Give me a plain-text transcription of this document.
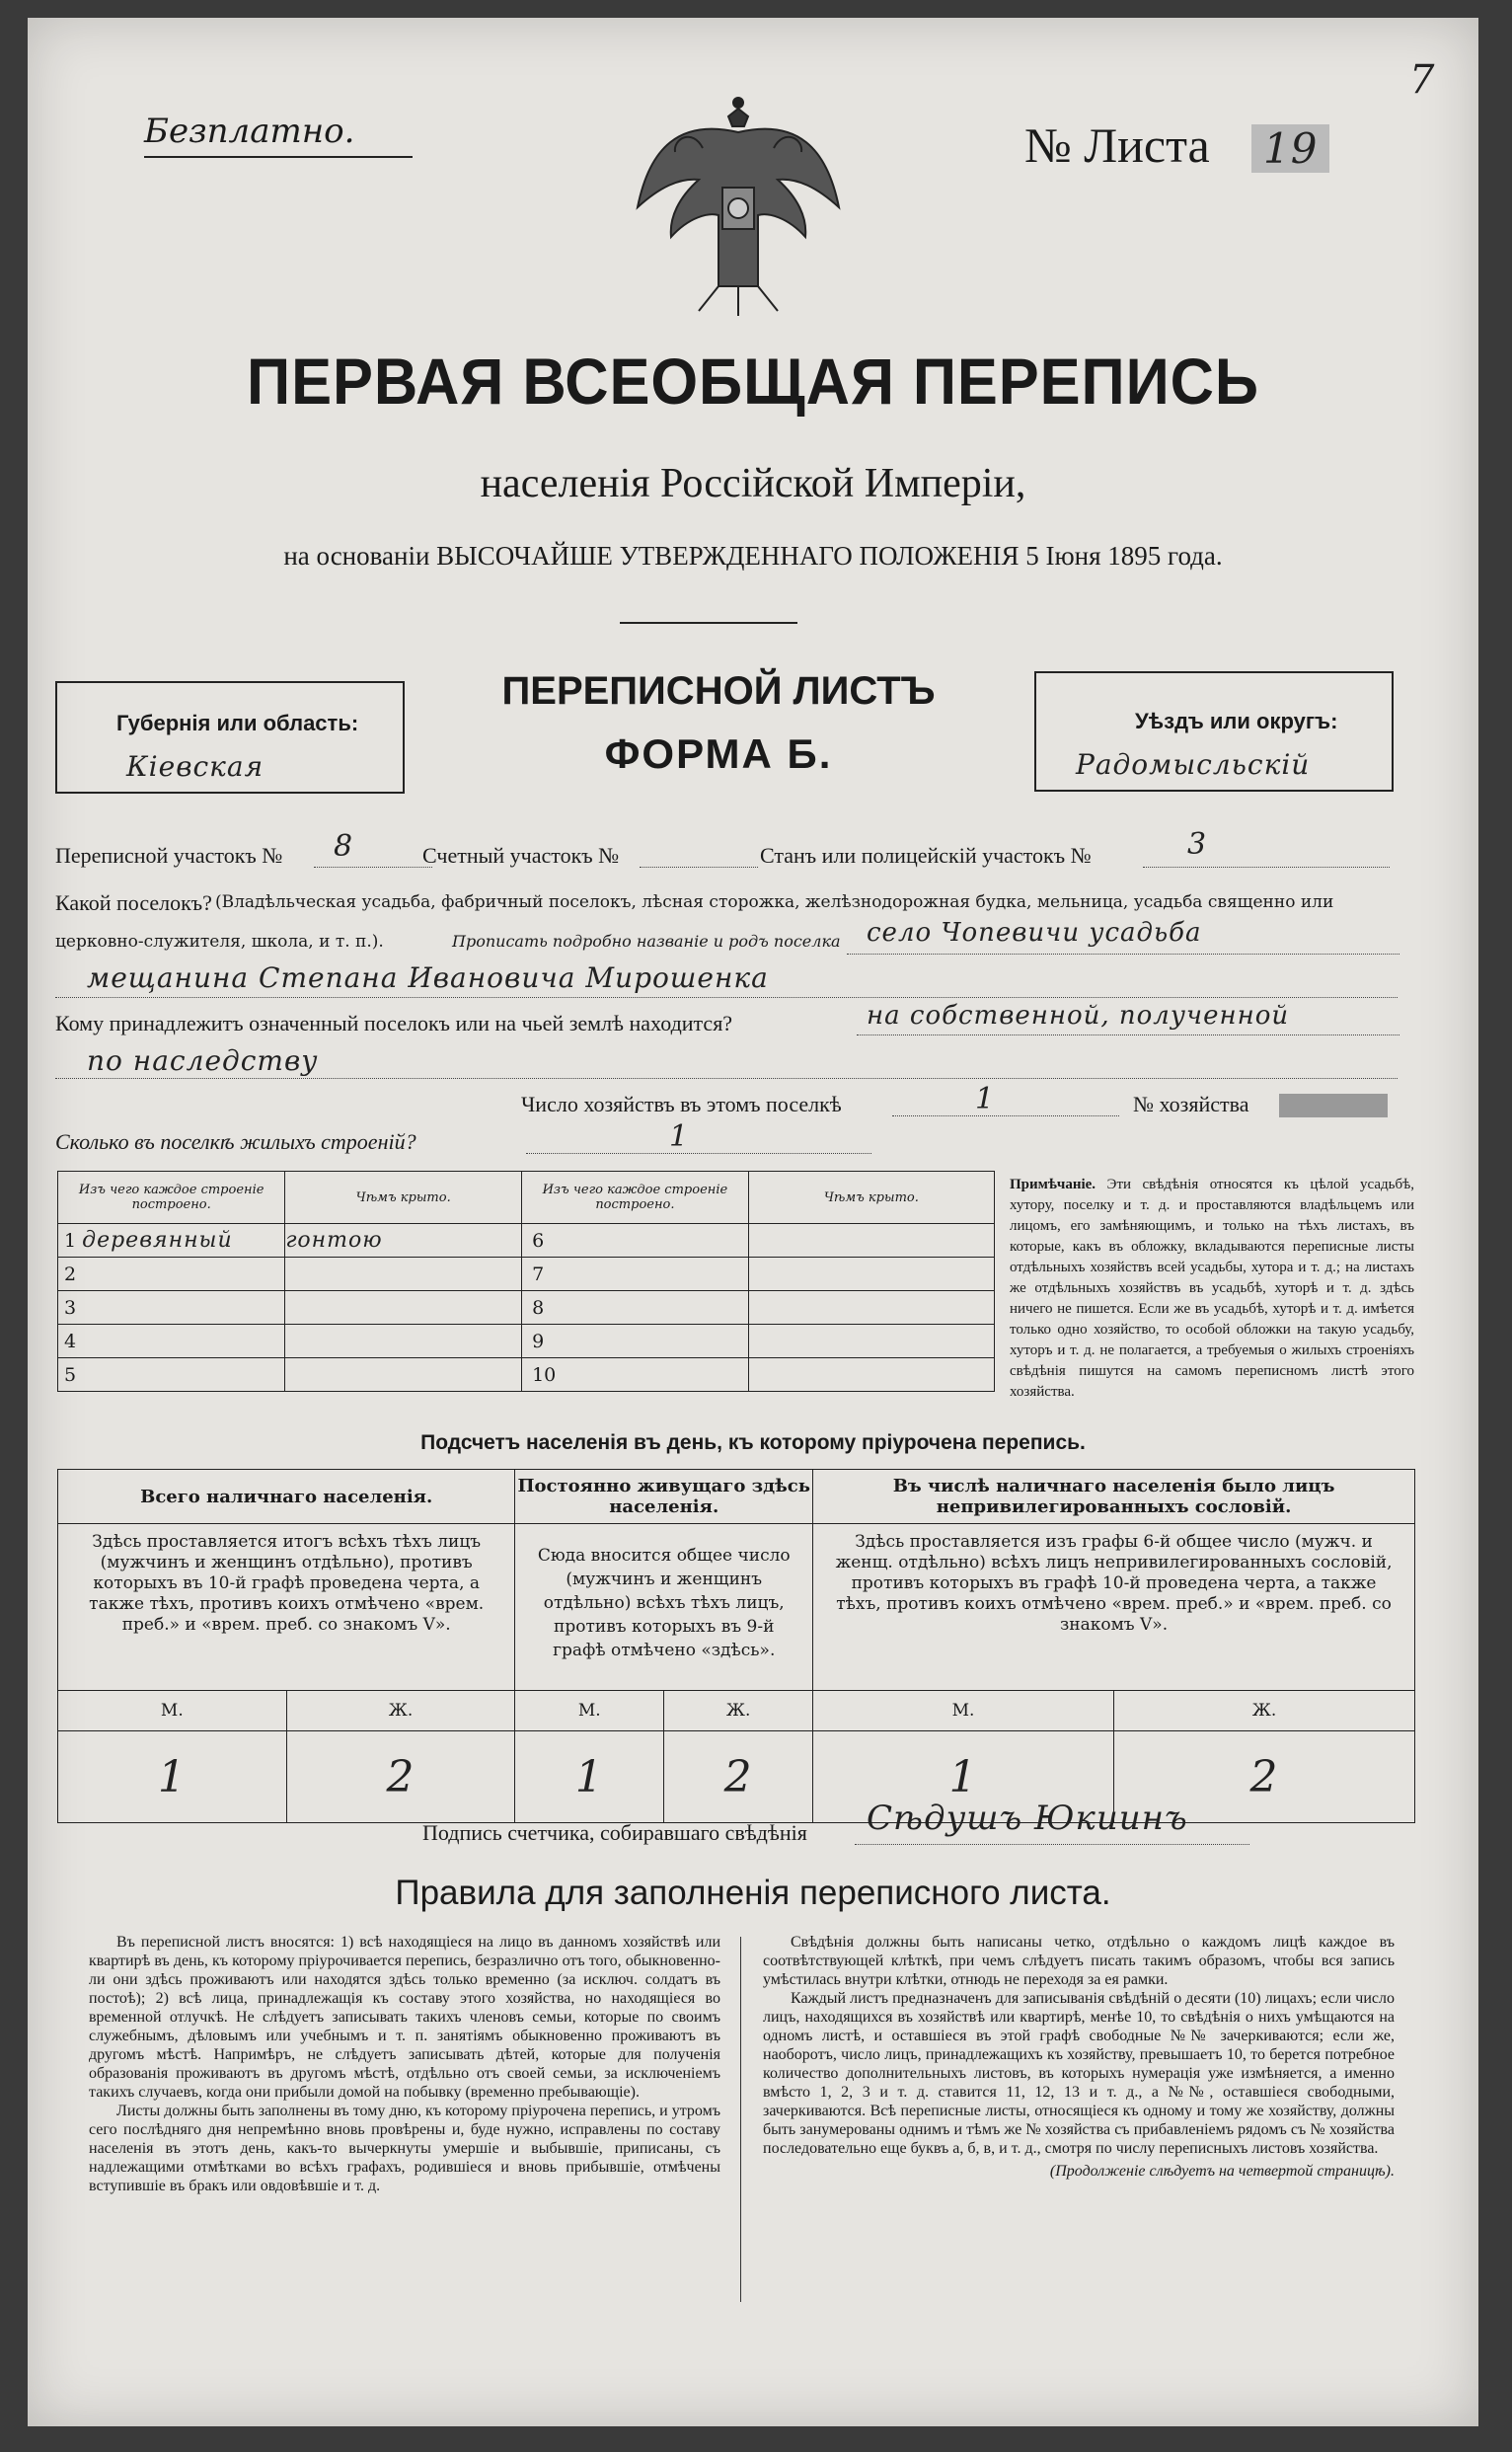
7
Безплатно.	№ Листа 19
ПЕРВАЯ ВСЕОБЩАЯ ПЕРЕПИСЬ
населенія Россійской Имперіи,
на основаніи ВЫСОЧАЙШЕ УТВЕРЖДЕННАГО ПОЛОЖЕНІЯ 5 Іюня 1895 года.
Губернія или область:
Кiевская
ПЕРЕПИСНОЙ ЛИСТЪ
ФОРМА Б.
Уѣздъ или округъ:
Радомысльскiй
Переписной участокъ № 8	Счетный участокъ №	Станъ или полицейскій участокъ №	3
Какой поселокъ? (Владѣльческая усадьба, фабричный поселокъ, лѣсная сторожка, желѣзнодорожная будка, мельница, усадьба священно или
церковно-служителя, школа, и т. п.).	Прописать подробно названіе и родъ поселка село Чопевичи усадьба
мещанина Степана Ивановича Мирошенка
Кому принадлежитъ означенный поселокъ или на чьей землѣ находится?	на собственной, полученной
по наследству
Число хозяйствъ въ этомъ поселкѣ	1	№ хозяйства
Сколько въ поселкѣ жилыхъ строеній?	1
Изъ чего каждое строеніе построено.	Чѣмъ крыто.	Изъ чего каждое строеніе построено.	Чѣмъ крыто.
1 деревянный	гонтою	6	
2		7	
3		8	
4		9	
5		10	
Примѣчаніе. Эти свѣдѣнія относятся къ цѣлой усадьбѣ, хутору, поселку и т. д. и проставляются владѣльцемъ или лицомъ, его замѣняющимъ, и только на тѣхъ листахъ, въ которые, какъ въ обложку, вкладываются переписные листы отдѣльныхъ хозяйствъ всей усадьбы, хутора и т. д.; на листахъ же отдѣльныхъ хозяйствъ въ усадьбѣ, хуторѣ и т. д. здѣсь ничего не пишется. Если же въ усадьбѣ, хуторѣ и т. д. имѣется только одно хозяйство, то особой обложки на такую усадьбу, хуторъ и т. д. не полагается, а требуемыя о жилыхъ строеніяхъ свѣдѣнія пишутся на самомъ переписномъ листѣ этого хозяйства.
Подсчетъ населенія въ день, къ которому пріурочена перепись.
Всего наличнаго населенія.		Постоянно живущаго здѣсь населенія.		Въ числѣ наличнаго населенія было лицъ непривилегированныхъ сословій.	
Здѣсь проставляется итогъ всѣхъ тѣхъ лицъ (мужчинъ и женщинъ отдѣльно), противъ которыхъ въ 10-й графѣ проведена черта, а также тѣхъ, противъ коихъ отмѣчено «врем. преб.» и «врем. преб. со знакомъ V».		Сюда вносится общее число (мужчинъ и женщинъ отдѣльно) всѣхъ тѣхъ лицъ, противъ которыхъ въ 9-й графѣ отмѣчено «здѣсь».		Здѣсь проставляется изъ графы 6-й общее число (мужч. и женщ. отдѣльно) всѣхъ лицъ непривилегированныхъ сословій, противъ которыхъ въ графѣ 10-й проведена черта, а также тѣхъ, противъ коихъ отмѣчено «врем. преб.» и «врем. преб. со знакомъ V».	
М.	Ж.	М.	Ж.	М.	Ж.
1	2	1	2	1	2
Подпись счетчика, собиравшаго свѣдѣнія Сѣдушъ Юкиинъ
Правила для заполненія переписного листа.
Въ переписной листъ вносятся: 1) всѣ находящіеся на лицо въ данномъ хозяйствѣ или квартирѣ въ день, къ которому пріурочивается перепись, безразлично отъ того, обыкновенно-ли они здѣсь проживаютъ или находятся здѣсь только временно (за исключ. солдатъ въ постоѣ); 2) всѣ лица, принадлежащія къ составу этого хозяйства, но находящіеся во временной отлучкѣ. Не слѣдуетъ записывать такихъ членовъ семьи, которые по своимъ служебнымъ, дѣловымъ или учебнымъ и т. п. занятіямъ обыкновенно проживаютъ въ другомъ мѣстѣ. Напримѣръ, не слѣдуетъ записывать дѣтей, которые для полученія образованія проживаютъ въ другомъ мѣстѣ, отдѣльно отъ своей семьи, за исключеніемъ такихъ случаевъ, когда они прибыли домой на побывку (временно пребывающіе).
Листы должны быть заполнены въ тому дню, къ которому пріурочена перепись, и утромъ сего послѣдняго дня непремѣнно вновь провѣрены и, буде нужно, исправлены по составу населенія въ этотъ день, какъ-то вычеркнуты умершіе и выбывшіе, приписаны, съ надлежащими отмѣтками во всѣхъ графахъ, родившіеся и вновь прибывшіе, отмѣчены вступившіе въ бракъ или овдовѣвшіе и т. д.
Свѣдѣнія должны быть написаны четко, отдѣльно о каждомъ лицѣ каждое въ соотвѣтствующей клѣткѣ, при чемъ слѣдуетъ писать такимъ образомъ, чтобы вся запись умѣстилась внутри клѣтки, отнюдь не переходя за ея рамки.
Каждый листъ предназначенъ для записыванія свѣдѣній о десяти (10) лицахъ; если число лицъ, находящихся въ хозяйствѣ или квартирѣ, менѣе 10, то свѣдѣнія о нихъ умѣщаются на одномъ листѣ, и оставшіеся въ этой графѣ свободные №№ зачеркиваются; если же, наоборотъ, число лицъ, принадлежащихъ къ хозяйству, превышаетъ 10, то берется потребное количество дополнительныхъ листовъ, въ которыхъ нумерація уже измѣняется, а именно вмѣсто 1, 2, 3 и т. д. ставится 11, 12, 13 и т. д., а №№, оставшіеся свободными, зачеркиваются. Всѣ переписные листы, относящіеся къ одному и тому же хозяйству, должны быть занумерованы однимъ и тѣмъ же № хозяйства съ прибавленіемъ рядомъ съ № хозяйства последовательно еще буквъ а, б, в, и т. д., смотря по числу переписныхъ листовъ хозяйства.
(Продолженіе слѣдуетъ на четвертой страницѣ).
